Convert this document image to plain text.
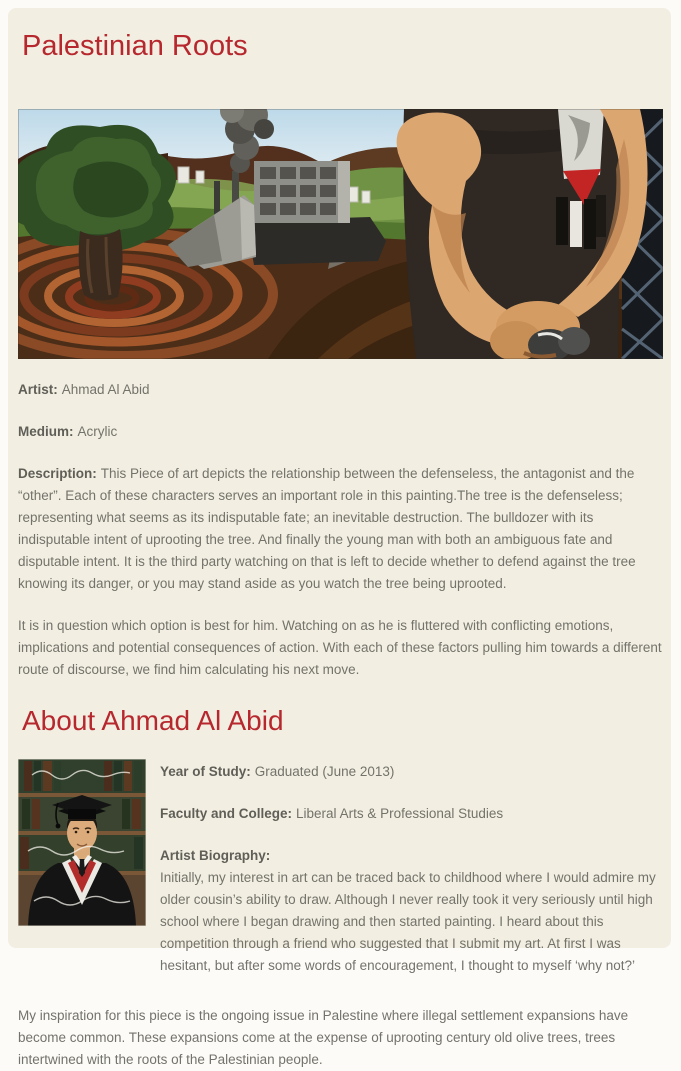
Palestinian Roots

Artist: Ahmad Al Abid

Medium: Acrylic

Description: This Piece of art depicts the relationship between the defenseless, the antagonist and the “other”. Each of these characters serves an important role in this painting.The tree is the defenseless; representing what seems as its indisputable fate; an inevitable destruction. The bulldozer with its indisputable intent of uprooting the tree. And finally the young man with both an ambiguous fate and disputable intent. It is the third party watching on that is left to decide whether to defend against the tree knowing its danger, or you may stand aside as you watch the tree being uprooted.

It is in question which option is best for him. Watching on as he is fluttered with conflicting emotions, implications and potential consequences of action. With each of these factors pulling him towards a different route of discourse, we find him calculating his next move.

About Ahmad Al Abid

Year of Study: Graduated (June 2013)

Faculty and College: Liberal Arts & Professional Studies

Artist Biography:

Initially, my interest in art can be traced back to childhood where I would admire my older cousin’s ability to draw. Although I never really took it very seriously until high school where I began drawing and then started painting. I heard about this competition through a friend who suggested that I submit my art. At first I was hesitant, but after some words of encouragement, I thought to myself ‘why not?’

My inspiration for this piece is the ongoing issue in Palestine where illegal settlement expansions have become common. These expansions come at the expense of uprooting century old olive trees, trees intertwined with the roots of the Palestinian people.
